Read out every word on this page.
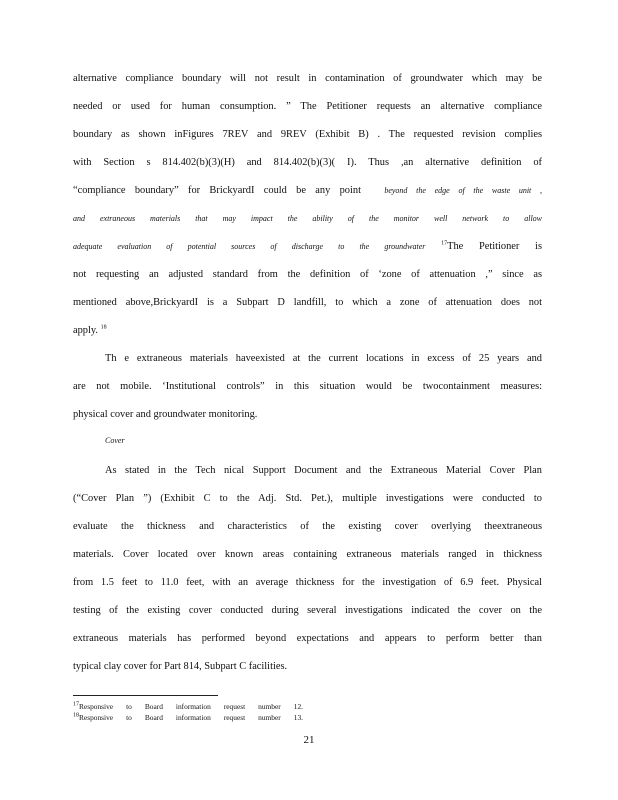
alternative compliance boundary will not result in contamination of groundwater which may be
needed or used for human consumption. ” The Petitioner requests an alternative compliance
boundary as shown inFigures 7REV and 9REV (Exhibit B) . The requested revision complies
with Section s 814.402(b)(3)(H) and 814.402(b)(3)( I). Thus ,an alternative definition of
“compliance boundary” for BrickyardI could be any point	beyond the edge of the waste unit ,
and extraneous materials that may impact the ability of the monitor well network to allow
adequate evaluation of potential sources of discharge to the groundwater	$^{17}$The Petitioner is
not requesting an adjusted standard from the definition of ‘zone of attenuation ,” since as
mentioned above,BrickyardI is a Subpart D landfill, to which a zone of attenuation does not
apply. $^{18}$
Th e extraneous materials haveexisted at the current locations in excess of 25 years and
are not mobile. ‘Institutional controls” in this situation would be twocontainment measures:
physical cover and groundwater monitoring.
Cover
As stated in the Tech nical Support Document and the Extraneous Material Cover Plan
(“Cover Plan ”) (Exhibit C to the Adj. Std. Pet.), multiple investigations were conducted to
evaluate the thickness and characteristics of the existing cover overlying theextraneous
materials. Cover located over known areas containing extraneous materials ranged in thickness
from 1.5 feet to 11.0 feet, with an average thickness for the investigation of 6.9 feet. Physical
testing of the existing cover conducted during several investigations indicated the cover on the
extraneous materials has performed beyond expectations and appears to perform better than
typical clay cover for Part 814, Subpart C facilities.
$^{17}$Responsive to Board information request number 12.
$^{18}$Responsive to Board information request number 13.
21
